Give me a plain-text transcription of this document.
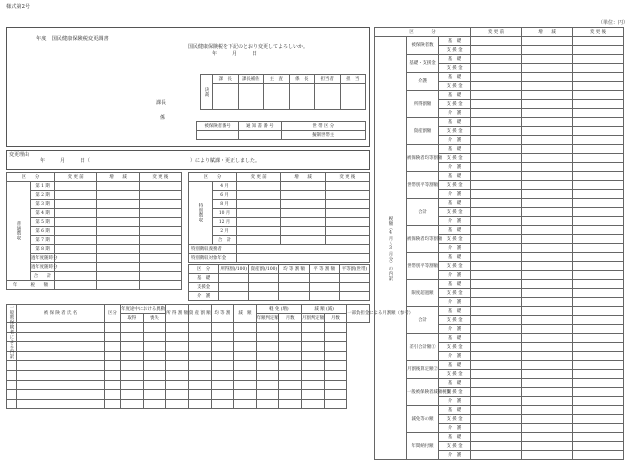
様式第2号
（単位：円）
年度　国民健康保険税変更調書
国民健康保険税を下記のとおり変更してよろしいか。
年　　　月　　　日
課長
係
決裁	課　長	課長補佐	主　査	係　長	担当者	担　当

被保険者番号	通 知 書 番 号	世 帯 区 分
		擬制世帯主
変更理由
年　　　月　　　日（　　　　　　　　　　　　　　　　　　　　）により賦課・更正しました。
区　　分		変 更 前	増　　減	変 更 後
普通徴収	第 1 期			
	第 2 期			
	第 3 期			
	第 4 期			
	第 5 期			
	第 6 期			
	第 7 期			
	第 8 期			
	過年度随時分			
	過年度随時分			
	合　　計			
年　　　税　　額				
区　　分		変 更 前	増　　減	変 更 後
特別徴収	4 月			
	6 月			
	8 月			
	10 月			
	12 月			
	2 月			
	合　計			
特別徴収義務者				
特別徴収対象年金				
区　分	所得割(/100)	資産割(/100)	均 等 割 額	平 等 割 額	平等割(世帯)
基　礎					
支援金					
介　護					
一般被保険者による内訳	被 保 険 者 氏 名	区分	年度途中における異動		所 得 割 額	資 産 割 額	均 等 割	減　額	軽 免 (増)		減 額 (減)		一部負担金による月割額（参考）
			取得	喪失					年額判定額	月数	月割判定額	月数	

区　　　　分			変 更 前	増　　減	変 更 後
税額（4月〜3月分）の内訳	被保険者数	基　礎			
		支 援 金			
	基礎・支援金	基　礎			
		支 援 金			
	介護	基　礎			
		支 援 金			
	所得割額	基　礎			
		支 援 金			
		介　護			
	資産割額	基　礎			
		支 援 金			
		介　護			
	被保険者均等割額	基　礎			
		支 援 金			
		介　護			
	世帯別平等割額	基　礎			
		支 援 金			
		介　護			
	合計	基　礎			
		支 援 金			
		介　護			
	被保険者均等割額	基　礎			
		支 援 金			
		介　護			
	世帯別平等割額	基　礎			
		支 援 金			
		介　護			
	限度超過額	基　礎			
		支 援 金			
		介　護			
	合計	基　礎			
		支 援 金			
		介　護			
	差引合計額①	基　礎			
		支 援 金			
		介　護			
	月割後算定額②	基　礎			
		支 援 金			
	一般被保険者減額税額	基　礎			
		支 援 金			
		介　護			
	減免等の額	基　礎			
		支 援 金			
		介　護			
	年間納付額	基　礎			
		支 援 金			
		介　護			
